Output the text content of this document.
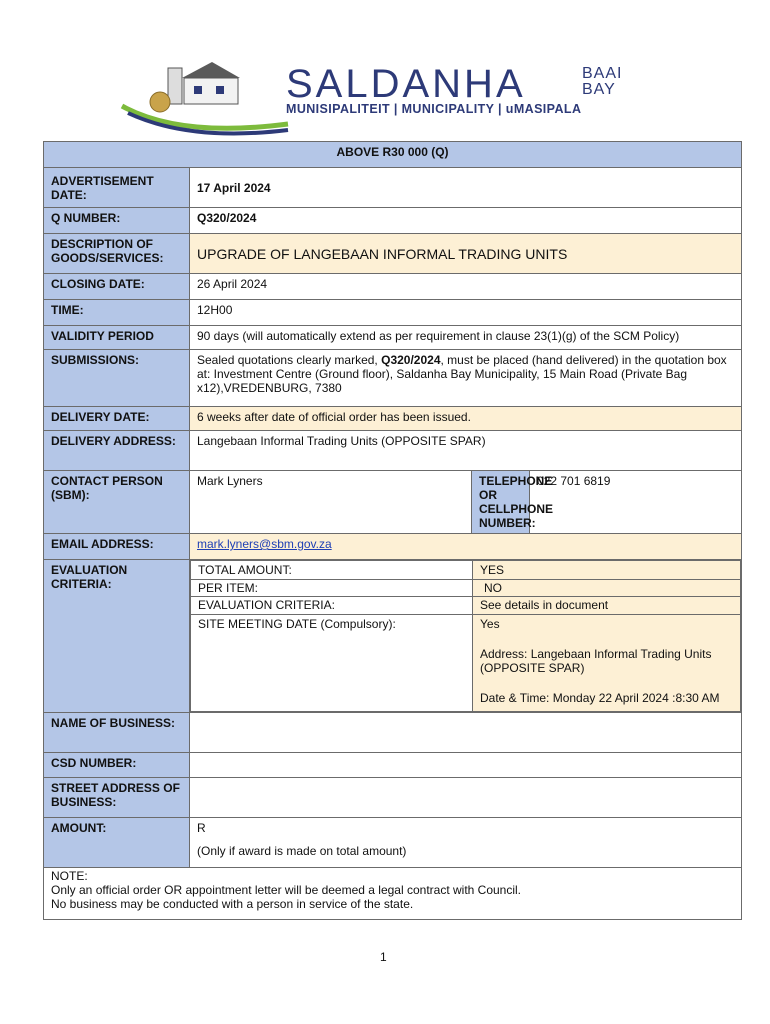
SALDANHA	BAAI
BAY
MUNISIPALITEIT | MUNICIPALITY | uMASIPALA
ABOVE R30 000 (Q)
ADVERTISEMENT DATE:	17 April 2024
Q NUMBER:	Q320/2024
DESCRIPTION OF GOODS/SERVICES:	UPGRADE OF LANGEBAAN INFORMAL TRADING UNITS
CLOSING DATE:	26 April 2024
TIME:	12H00
VALIDITY PERIOD	90 days (will automatically extend as per requirement in clause 23(1)(g) of the SCM Policy)
SUBMISSIONS:	Sealed quotations clearly marked, Q320/2024, must be placed (hand delivered) in the quotation box at: Investment Centre (Ground floor), Saldanha Bay Municipality, 15 Main Road (Private Bag x12),VREDENBURG, 7380
DELIVERY DATE:	6 weeks after date of official order has been issued.
DELIVERY ADDRESS:	Langebaan Informal Trading Units (OPPOSITE SPAR)
CONTACT PERSON (SBM):	Mark Lyners	TELEPHONE OR CELLPHONE NUMBER:	022 701 6819
EMAIL ADDRESS:	mark.lyners@sbm.gov.za
EVALUATION CRITERIA:	
TOTAL AMOUNT:	YES
PER ITEM:	NO
EVALUATION CRITERIA:	See details in document
SITE MEETING DATE (Compulsory):	Yes
Address: Langebaan Informal Trading Units (OPPOSITE SPAR)
Date & Time: Monday 22 April 2024 :8:30 AM

NAME OF BUSINESS:	
CSD NUMBER:	
STREET ADDRESS OF BUSINESS:	
AMOUNT:	R
(Only if award is made on total amount)

NOTE:
Only an official order OR appointment letter will be deemed a legal contract with Council.
No business may be conducted with a person in service of the state.
1
